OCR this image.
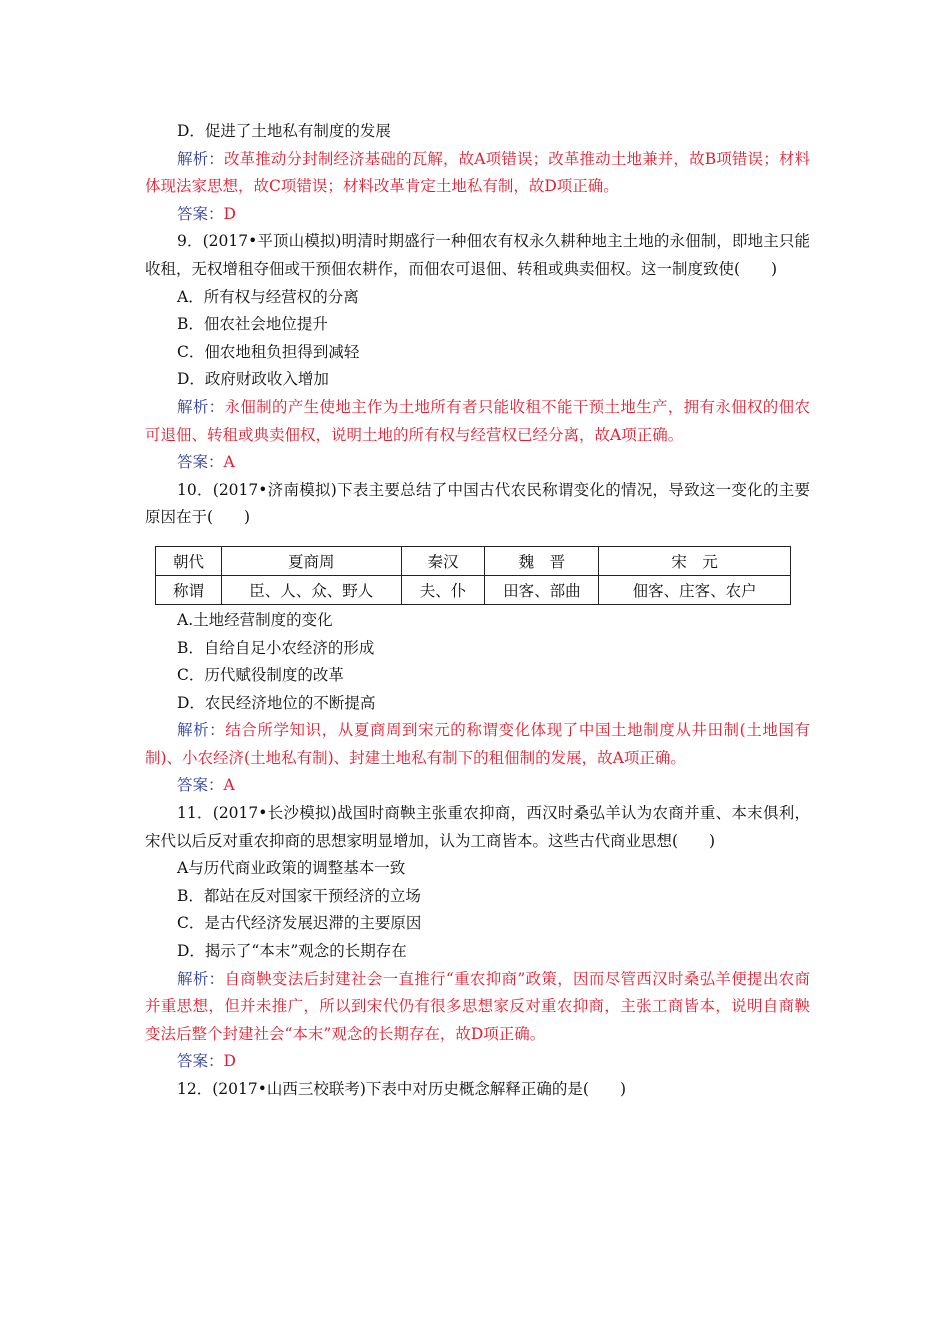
D．促进了土地私有制度的发展
解析：改革推动分封制经济基础的瓦解，故A项错误；改革推动土地兼并，故B项错误；材料体现法家思想，故C项错误；材料改革肯定土地私有制，故D项正确。
答案：D
9．(2017•平顶山模拟)明清时期盛行一种佃农有权永久耕种地主土地的永佃制，即地主只能收租，无权增租夺佃或干预佃农耕作，而佃农可退佃、转租或典卖佃权。这一制度致使(　　)
A．所有权与经营权的分离
B．佃农社会地位提升
C．佃农地租负担得到减轻
D．政府财政收入增加
解析：永佃制的产生使地主作为土地所有者只能收租不能干预土地生产，拥有永佃权的佃农可退佃、转租或典卖佃权，说明土地的所有权与经营权已经分离，故A项正确。
答案：A
10．(2017•济南模拟)下表主要总结了中国古代农民称谓变化的情况，导致这一变化的主要原因在于(　　)
朝代	夏商周	秦汉	魏　晋	宋　元
称谓	臣、人、众、野人	夫、仆	田客、部曲	佃客、庄客、农户
A.土地经营制度的变化
B．自给自足小农经济的形成
C．历代赋役制度的改革
D．农民经济地位的不断提高
解析：结合所学知识，从夏商周到宋元的称谓变化体现了中国土地制度从井田制(土地国有制)、小农经济(土地私有制)、封建土地私有制下的租佃制的发展，故A项正确。
答案：A
11．(2017•长沙模拟)战国时商鞅主张重农抑商，西汉时桑弘羊认为农商并重、本末俱利，宋代以后反对重农抑商的思想家明显增加，认为工商皆本。这些古代商业思想(　　)
A与历代商业政策的调整基本一致
B．都站在反对国家干预经济的立场
C．是古代经济发展迟滞的主要原因
D．揭示了“本末”观念的长期存在
解析：自商鞅变法后封建社会一直推行“重农抑商”政策，因而尽管西汉时桑弘羊便提出农商并重思想，但并未推广，所以到宋代仍有很多思想家反对重农抑商，主张工商皆本，说明自商鞅变法后整个封建社会“本末”观念的长期存在，故D项正确。
答案：D
12．(2017•山西三校联考)下表中对历史概念解释正确的是(　　)
